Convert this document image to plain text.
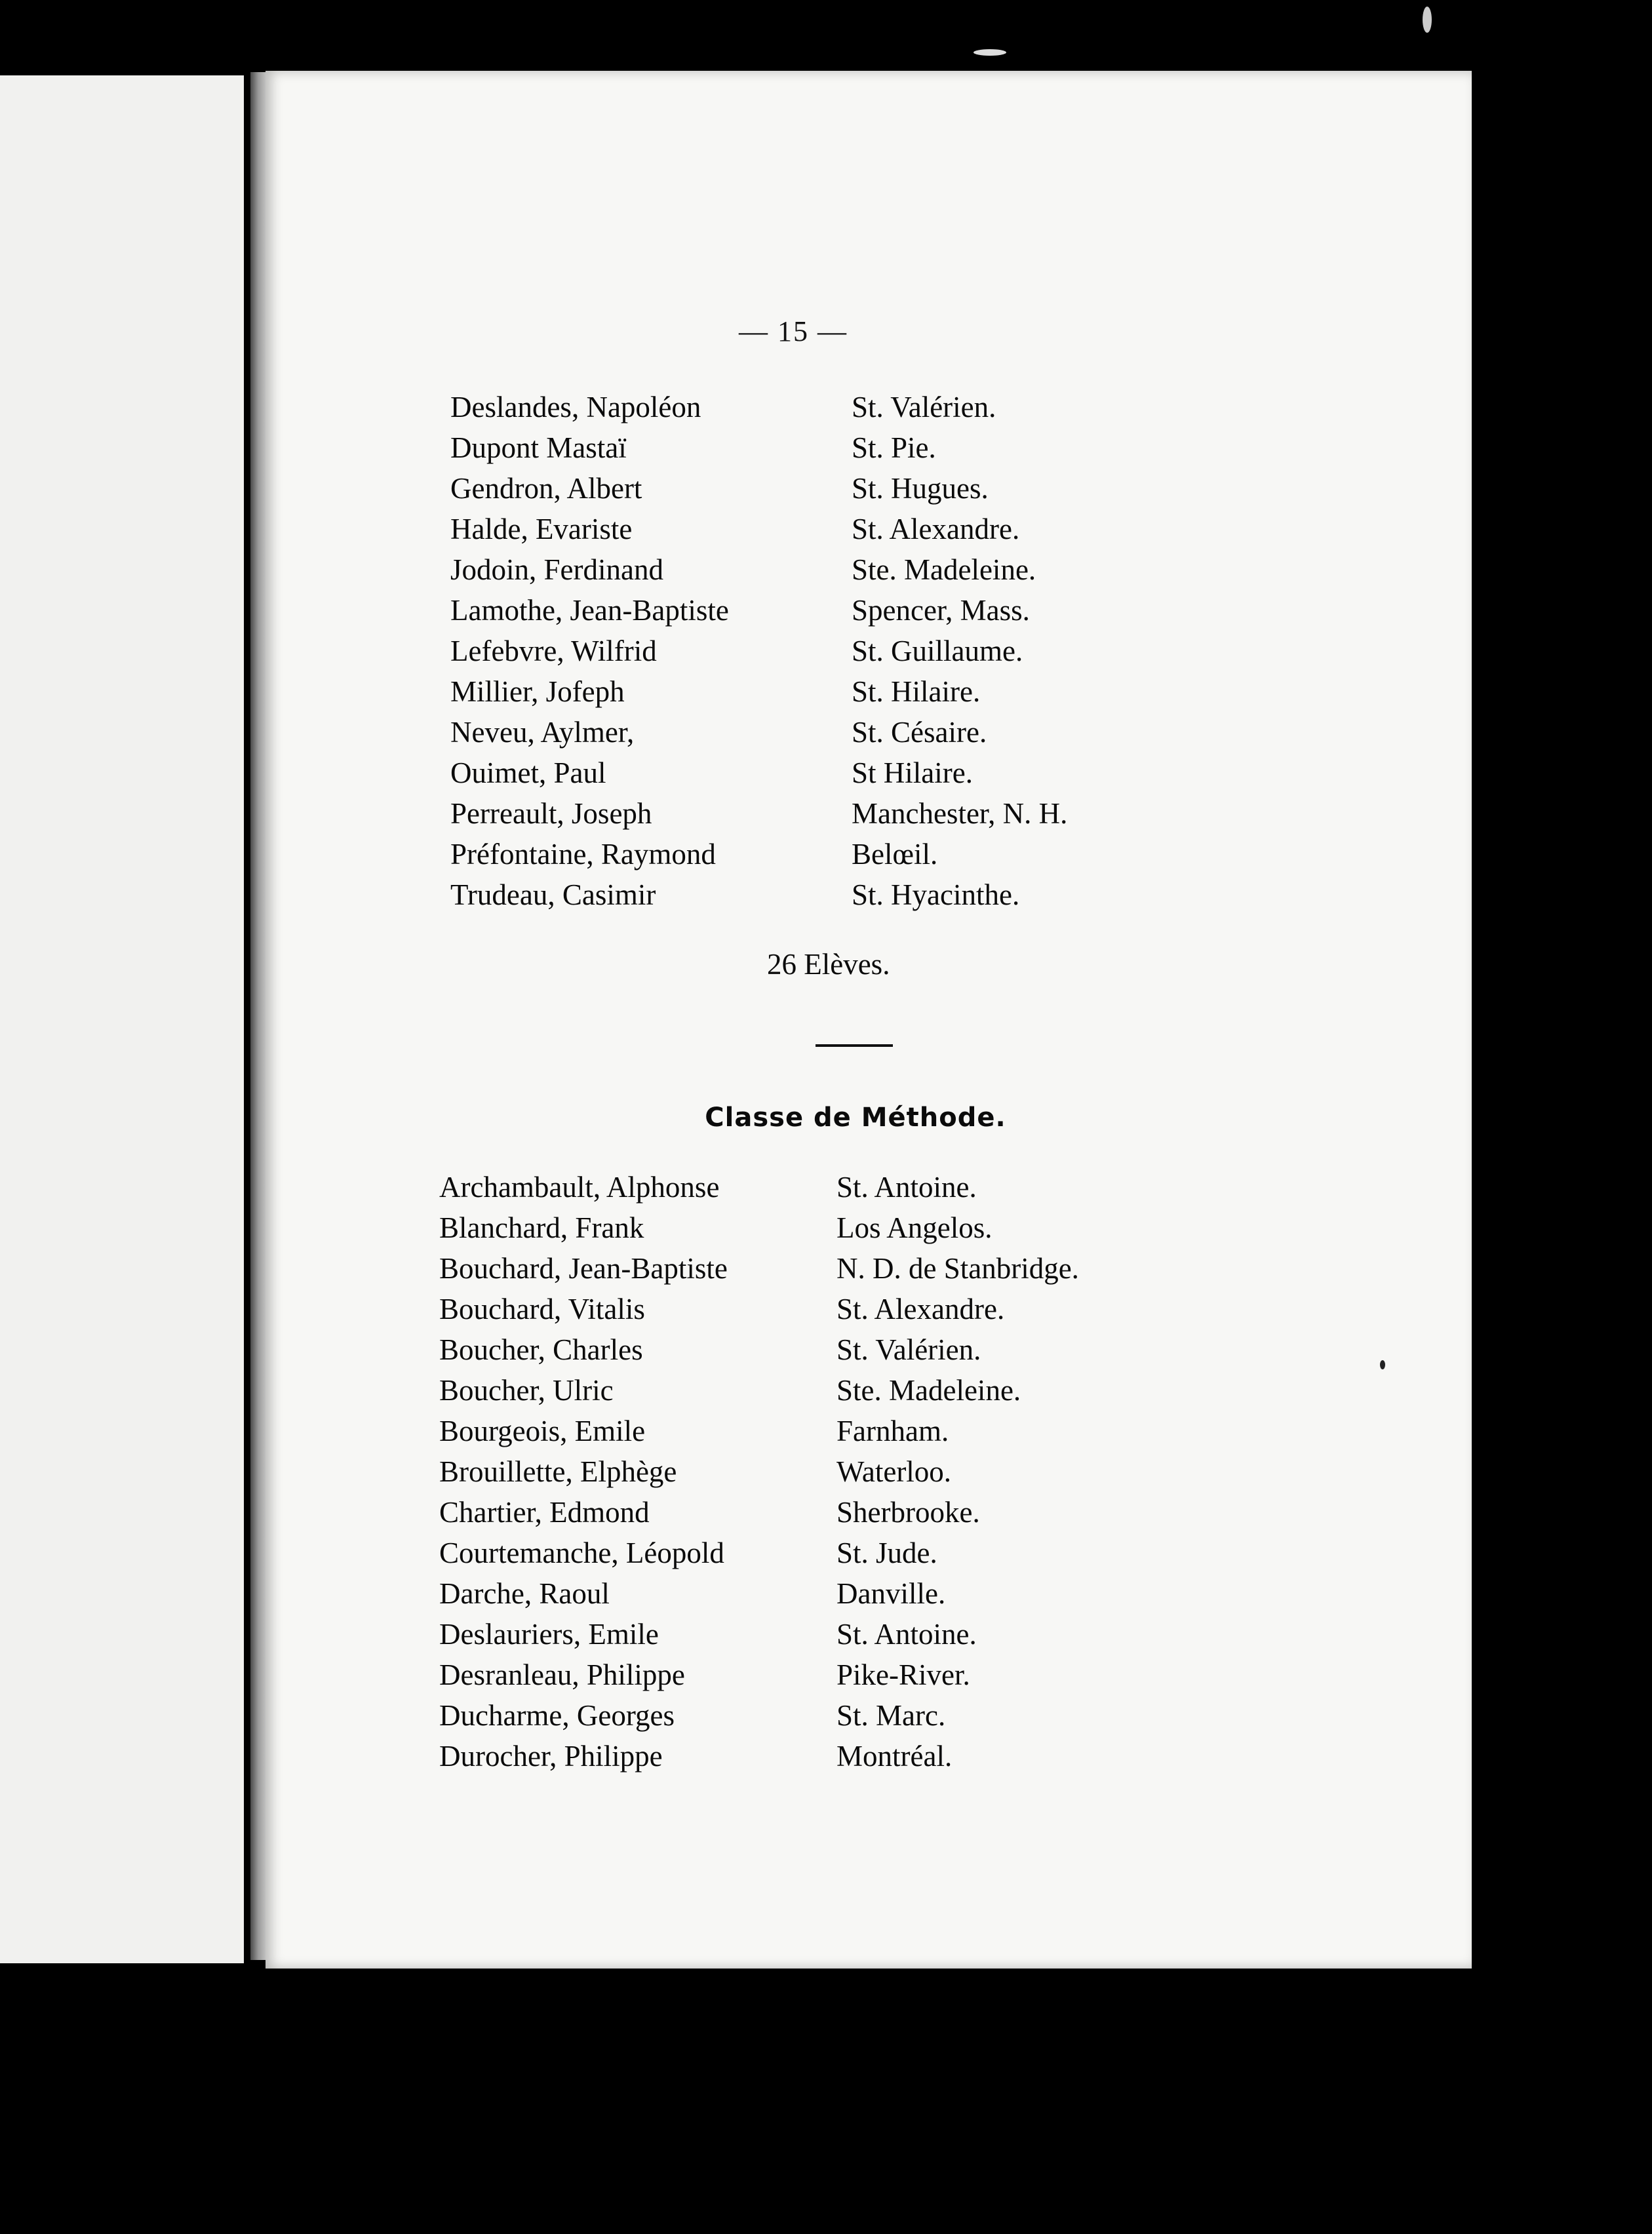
— 15 —
Deslandes, Napoléon	St. Valérien.
Dupont Mastaï	St. Pie.
Gendron, Albert	St. Hugues.
Halde, Evariste	St. Alexandre.
Jodoin, Ferdinand	Ste. Madeleine.
Lamothe, Jean-Baptiste	Spencer, Mass.
Lefebvre, Wilfrid	St. Guillaume.
Millier, Jofeph	St. Hilaire.
Neveu, Aylmer,	St. Césaire.
Ouimet, Paul	St Hilaire.
Perreault, Joseph	Manchester, N. H.
Préfontaine, Raymond	Belœil.
Trudeau, Casimir	St. Hyacinthe.
26 Elèves.
Classe de Méthode.
Archambault, Alphonse	St. Antoine.
Blanchard, Frank	Los Angelos.
Bouchard, Jean-Baptiste	N. D. de Stanbridge.
Bouchard, Vitalis	St. Alexandre.
Boucher, Charles	St. Valérien.
Boucher, Ulric	Ste. Madeleine.
Bourgeois, Emile	Farnham.
Brouillette, Elphège	Waterloo.
Chartier, Edmond	Sherbrooke.
Courtemanche, Léopold	St. Jude.
Darche, Raoul	Danville.
Deslauriers, Emile	St. Antoine.
Desranleau, Philippe	Pike-River.
Ducharme, Georges	St. Marc.
Durocher, Philippe	Montréal.
